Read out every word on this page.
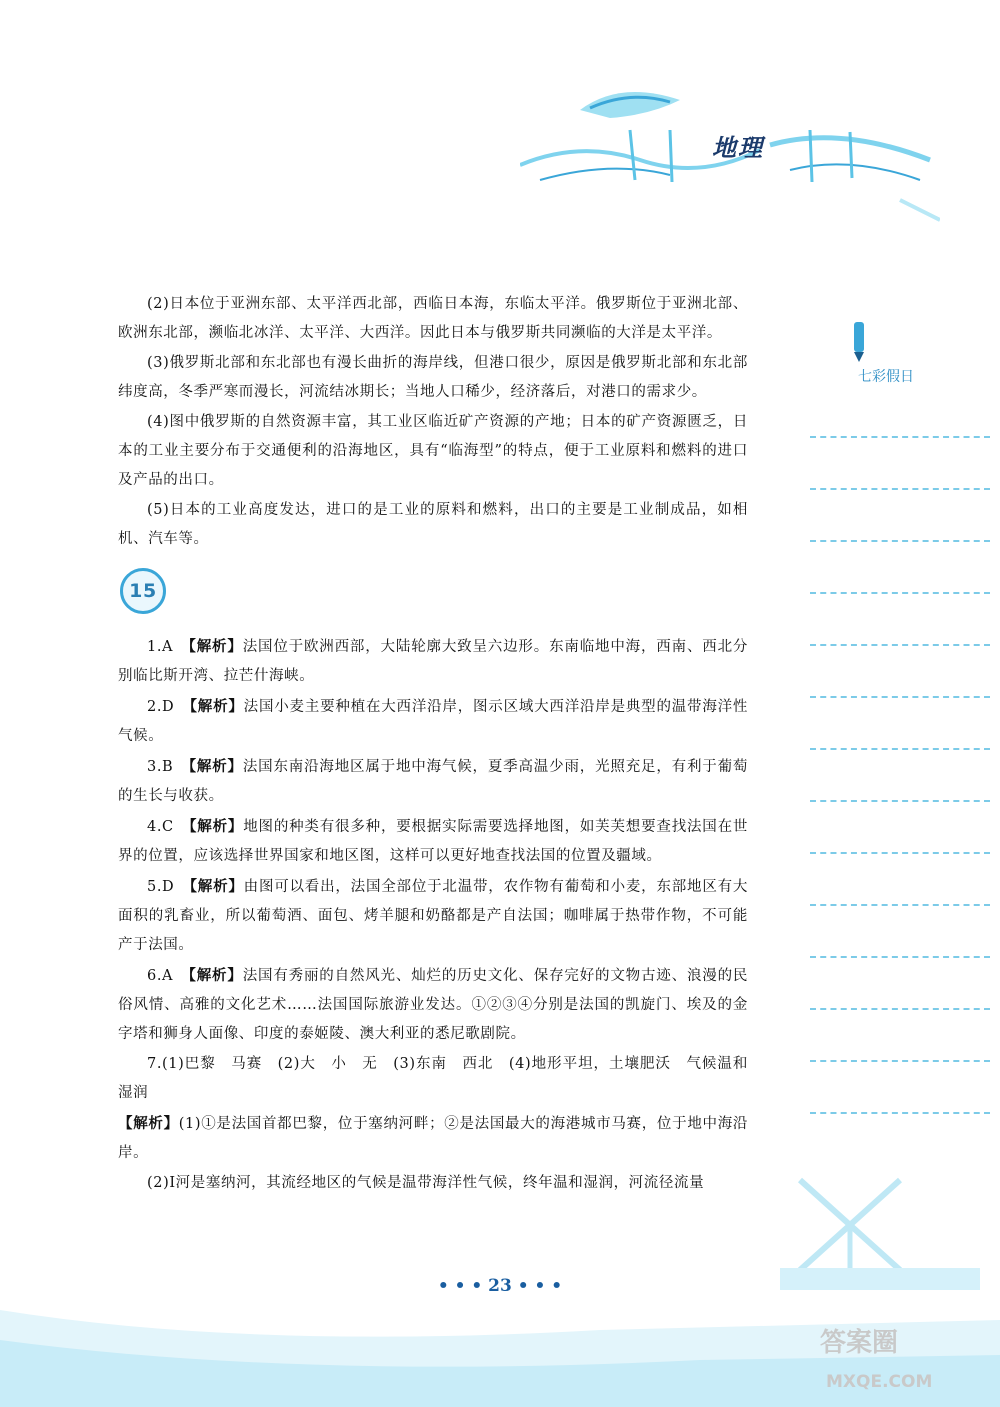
地理
七彩假日

(2)日本位于亚洲东部、太平洋西北部，西临日本海，东临太平洋。俄罗斯位于亚洲北部、欧洲东北部，濒临北冰洋、太平洋、大西洋。因此日本与俄罗斯共同濒临的大洋是太平洋。

(3)俄罗斯北部和东北部也有漫长曲折的海岸线，但港口很少，原因是俄罗斯北部和东北部纬度高，冬季严寒而漫长，河流结冰期长；当地人口稀少，经济落后，对港口的需求少。

(4)图中俄罗斯的自然资源丰富，其工业区临近矿产资源的产地；日本的矿产资源匮乏，日本的工业主要分布于交通便利的沿海地区，具有“临海型”的特点，便于工业原料和燃料的进口及产品的出口。

(5)日本的工业高度发达，进口的是工业的原料和燃料，出口的主要是工业制成品，如相机、汽车等。

15

1.A　 【解析】法国位于欧洲西部，大陆轮廓大致呈六边形。东南临地中海，西南、西北分别临比斯开湾、拉芒什海峡。

2.D　 【解析】法国小麦主要种植在大西洋沿岸，图示区域大西洋沿岸是典型的温带海洋性气候。

3.B　 【解析】法国东南沿海地区属于地中海气候，夏季高温少雨，光照充足，有利于葡萄的生长与收获。

4.C　 【解析】地图的种类有很多种，要根据实际需要选择地图，如芙芙想要查找法国在世界的位置，应该选择世界国家和地区图，这样可以更好地查找法国的位置及疆域。

5.D　 【解析】由图可以看出，法国全部位于北温带，农作物有葡萄和小麦，东部地区有大面积的乳畜业，所以葡萄酒、面包、烤羊腿和奶酪都是产自法国；咖啡属于热带作物，不可能产于法国。

6.A　 【解析】法国有秀丽的自然风光、灿烂的历史文化、保存完好的文物古迹、浪漫的民俗风情、高雅的文化艺术……法国国际旅游业发达。①②③④分别是法国的凯旋门、埃及的金字塔和狮身人面像、印度的泰姬陵、澳大利亚的悉尼歌剧院。

7.(1)巴黎　马赛　(2)大　小　无　(3)东南　西北　(4)地形平坦，土壤肥沃　气候温和湿润

【解析】(1)①是法国首都巴黎，位于塞纳河畔；②是法国最大的海港城市马赛，位于地中海沿岸。

(2)Ⅰ河是塞纳河，其流经地区的气候是温带海洋性气候，终年温和湿润，河流径流量

• • • 23 • • •
答案圈
MXQE.COM
